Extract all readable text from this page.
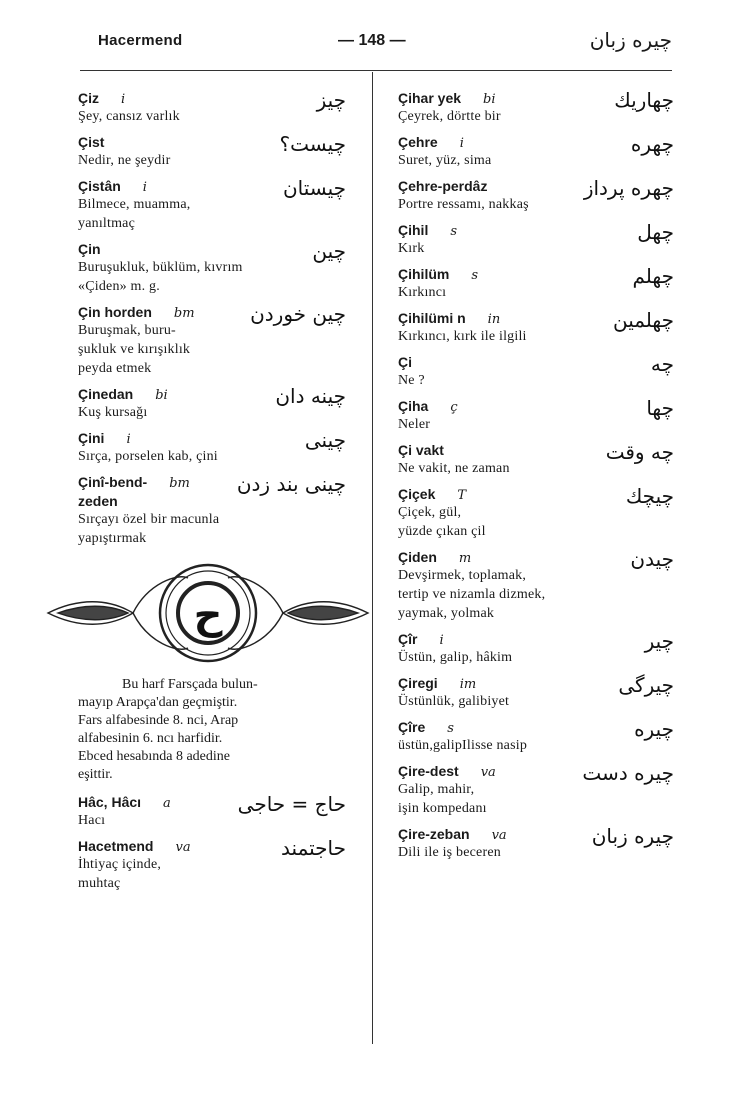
Hacermend	— 148 —	چیره زبان
Çiz i
Şey, cansız varlık
چیز
Çist
Nedir, ne şeydir
چیست؟
Çistân i
Bilmece, muamma,
yanıltmaç
چیستان
Çin
Buruşukluk, büklüm, kıvrım
«Çiden» m. g.
چین
Çin horden bm
Buruşmak, buru-
şukluk ve kırışıklık
peyda etmek
چین خوردن
Çinedan bi
Kuş kursağı
چینه دان
Çini i
Sırça, porselen kab, çini
چینی
Çinî-bend- bm
zeden
Sırçayı özel bir macunla
yapıştırmak
چینی بند زدن
ح
Bu harf Farsçada bulun-
mayıp Arapça'dan geçmiştir.
Fars alfabesinde 8. nci, Arap
alfabesinin 6. ncı harfidir.
Ebced hesabında 8 adedine
eşittir.
Hâc, Hâcı a
Hacı
حاج = حاجی
Hacetmend va
İhtiyaç içinde,
muhtaç
حاجتمند
Çihar yek bi
Çeyrek, dörtte bir
چهاریك
Çehre i
Suret, yüz, sima
چهره
Çehre-perdâz
Portre ressamı, nakkaş
چهره پرداز
Çihil s
Kırk
چهل
Çihilüm s
Kırkıncı
چهلم
Çihilümi n in
Kırkıncı, kırk ile ilgili
چهلمین
Çi
Ne ?
چه
Çiha ç
Neler
چها
Çi vakt
Ne vakit, ne zaman
چه وقت
Çiçek T
Çiçek, gül,
yüzde çıkan çil
چیچك
Çiden m
Devşirmek, toplamak,
tertip ve nizamla dizmek,
yaymak, yolmak
چیدن
Çîr i
Üstün, galip, hâkim
چیر
Çiregi im
Üstünlük, galibiyet
چیرگی
Çîre s
üstün,galipIlisse nasip
چیره
Çire-dest va
Galip, mahir,
işin kompedanı
چیره دست
Çire-zeban va
Dili ile iş beceren
چیره زبان
